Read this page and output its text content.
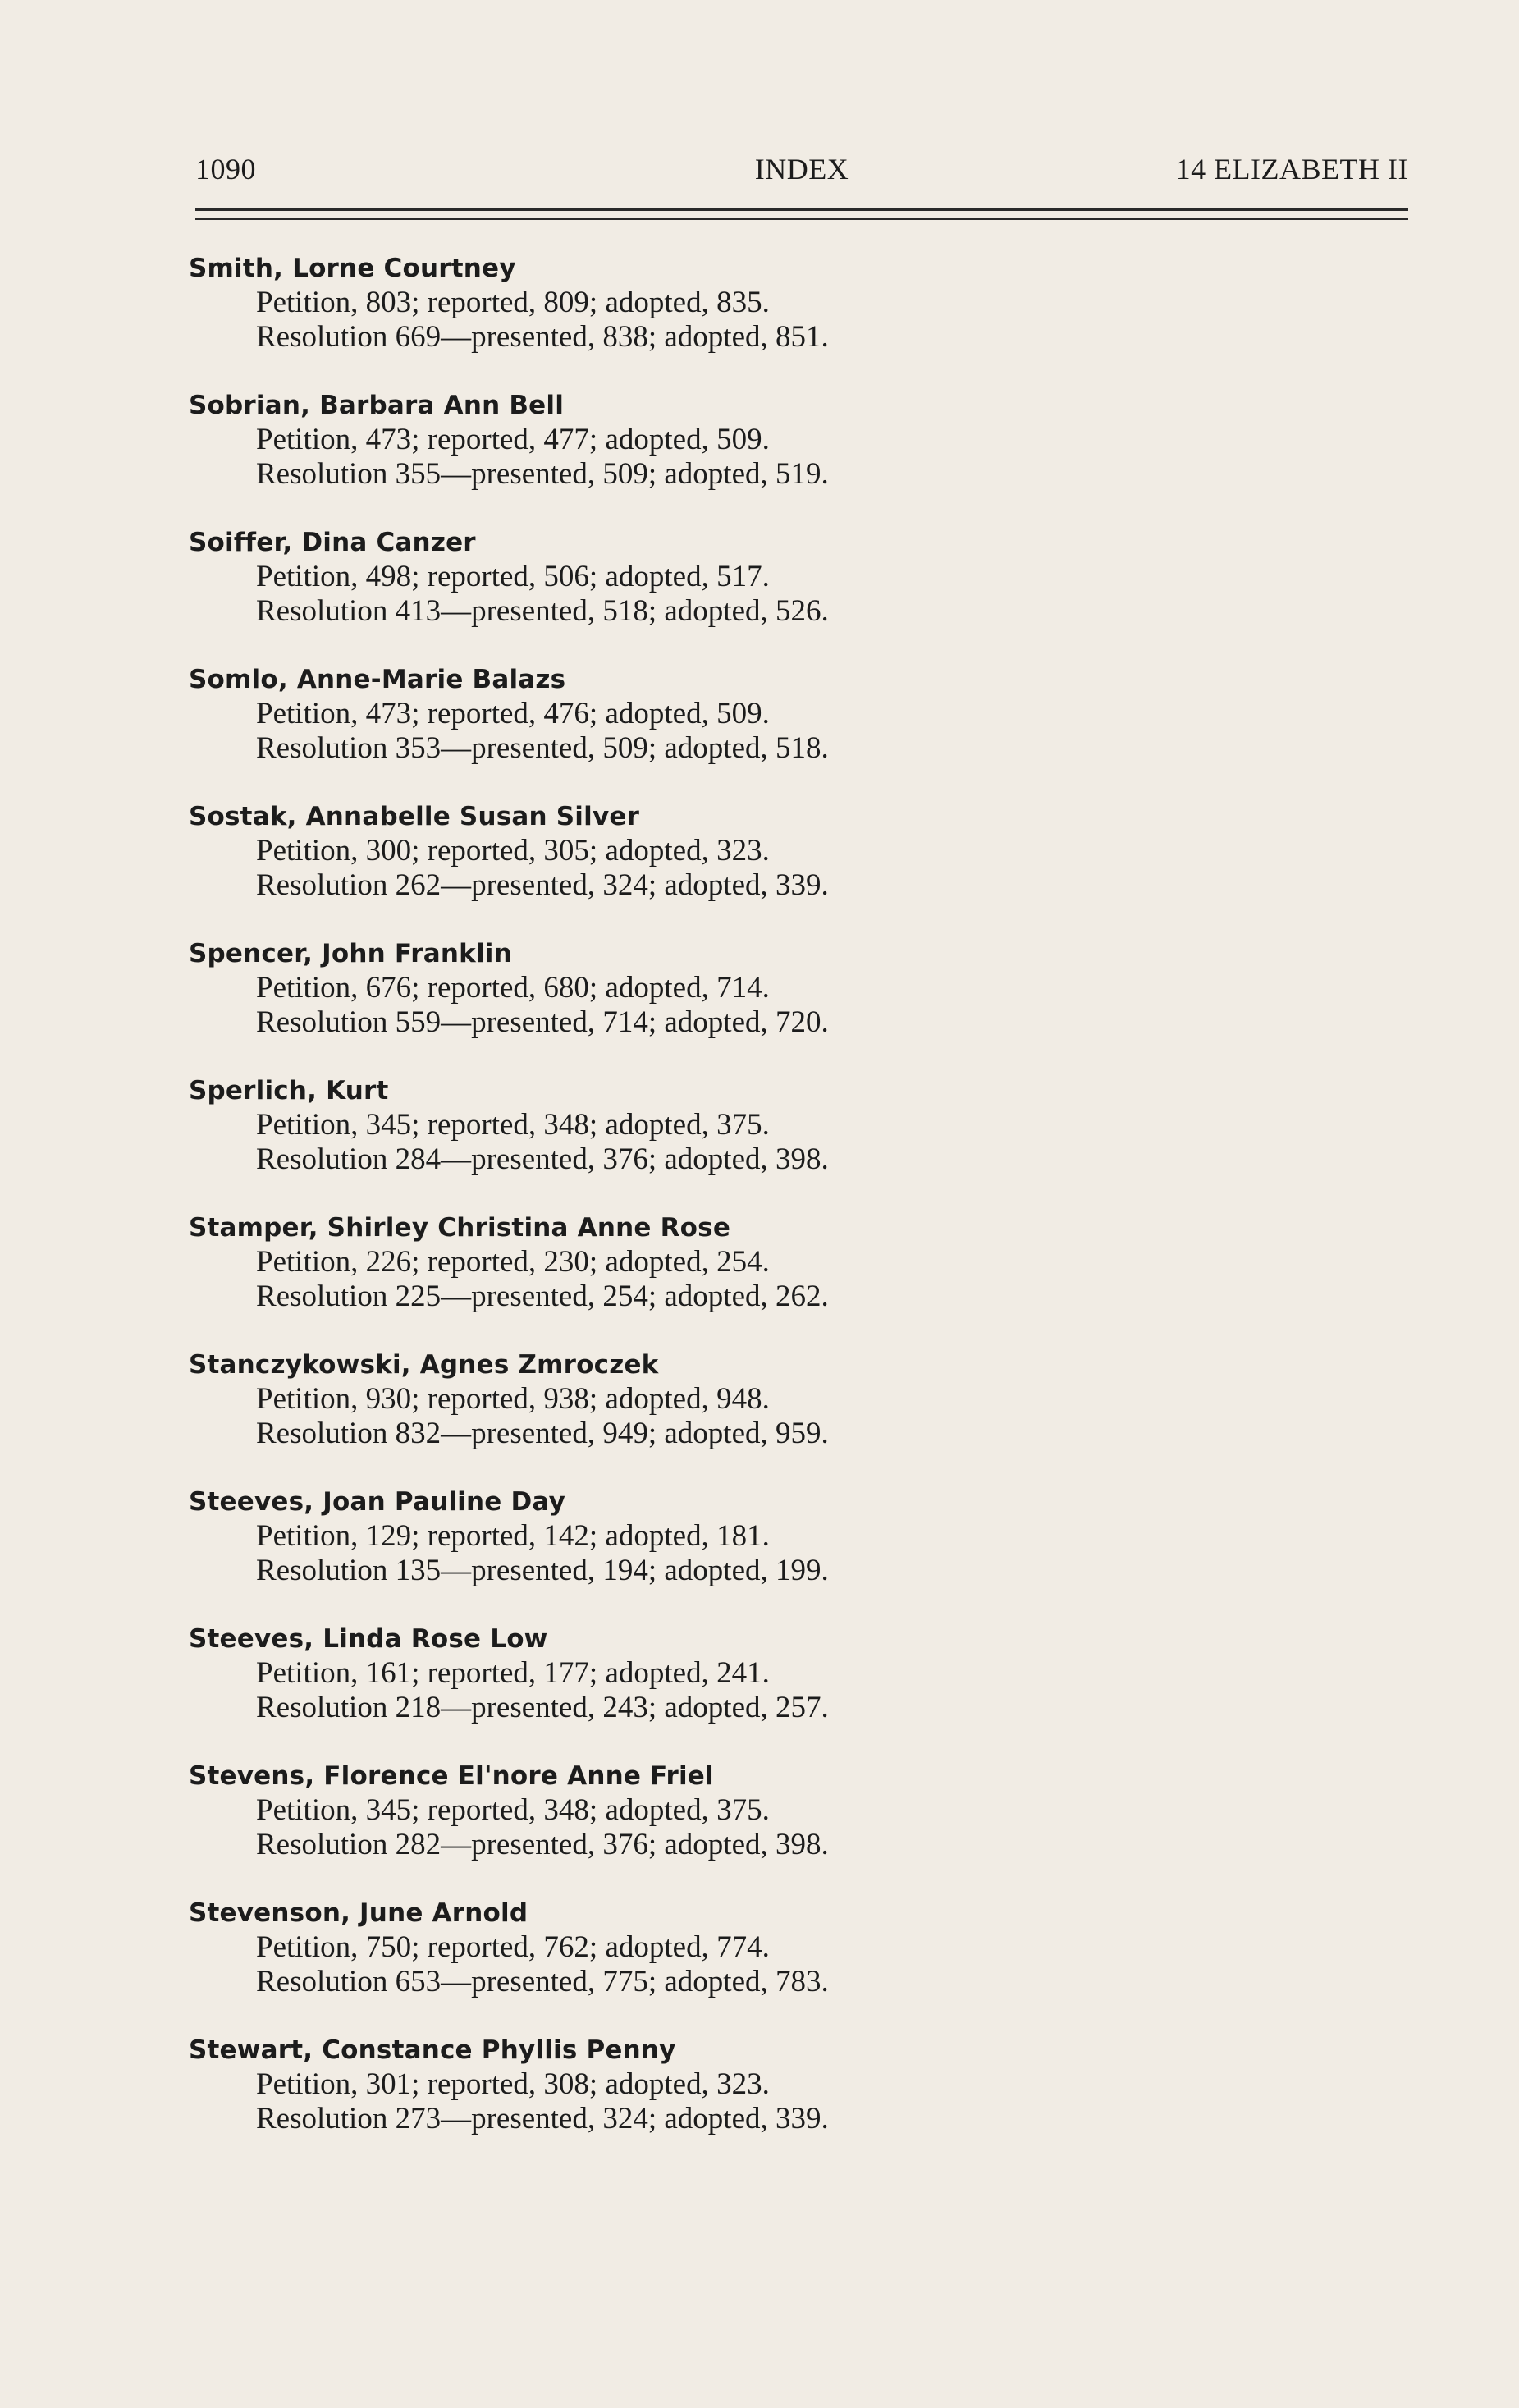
1090	INDEX	14 ELIZABETH II
Smith, Lorne Courtney
Petition, 803; reported, 809; adopted, 835.
Resolution 669—presented, 838; adopted, 851.
Sobrian, Barbara Ann Bell
Petition, 473; reported, 477; adopted, 509.
Resolution 355—presented, 509; adopted, 519.
Soiffer, Dina Canzer
Petition, 498; reported, 506; adopted, 517.
Resolution 413—presented, 518; adopted, 526.
Somlo, Anne-Marie Balazs
Petition, 473; reported, 476; adopted, 509.
Resolution 353—presented, 509; adopted, 518.
Sostak, Annabelle Susan Silver
Petition, 300; reported, 305; adopted, 323.
Resolution 262—presented, 324; adopted, 339.
Spencer, John Franklin
Petition, 676; reported, 680; adopted, 714.
Resolution 559—presented, 714; adopted, 720.
Sperlich, Kurt
Petition, 345; reported, 348; adopted, 375.
Resolution 284—presented, 376; adopted, 398.
Stamper, Shirley Christina Anne Rose
Petition, 226; reported, 230; adopted, 254.
Resolution 225—presented, 254; adopted, 262.
Stanczykowski, Agnes Zmroczek
Petition, 930; reported, 938; adopted, 948.
Resolution 832—presented, 949; adopted, 959.
Steeves, Joan Pauline Day
Petition, 129; reported, 142; adopted, 181.
Resolution 135—presented, 194; adopted, 199.
Steeves, Linda Rose Low
Petition, 161; reported, 177; adopted, 241.
Resolution 218—presented, 243; adopted, 257.
Stevens, Florence El'nore Anne Friel
Petition, 345; reported, 348; adopted, 375.
Resolution 282—presented, 376; adopted, 398.
Stevenson, June Arnold
Petition, 750; reported, 762; adopted, 774.
Resolution 653—presented, 775; adopted, 783.
Stewart, Constance Phyllis Penny
Petition, 301; reported, 308; adopted, 323.
Resolution 273—presented, 324; adopted, 339.
